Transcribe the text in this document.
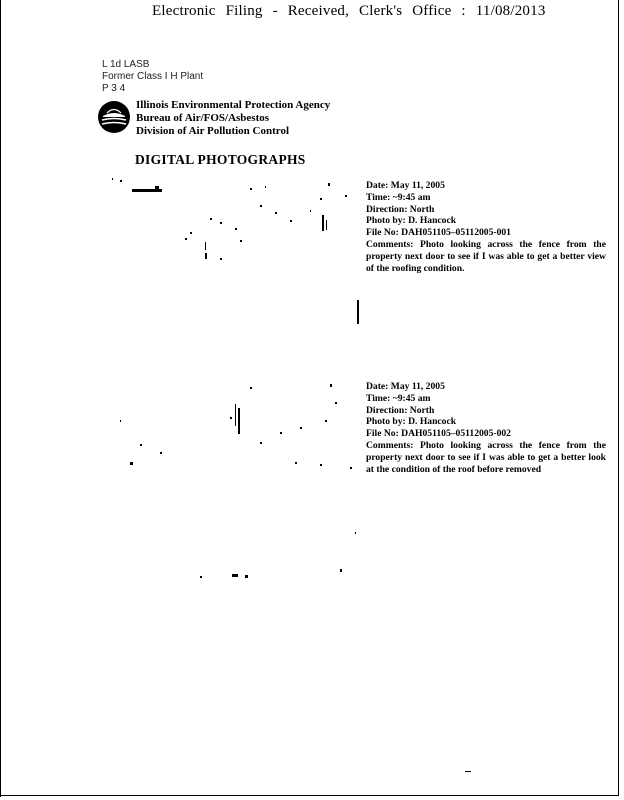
Electronic Filing - Received, Clerk's Office : 11/08/2013
L 1d LASB
Former Class I H Plant
P 3 4
Illinois Environmental Protection Agency
Bureau of Air/FOS/Asbestos
Division of Air Pollution Control
DIGITAL PHOTOGRAPHS
Date: May 11, 2005
Time: ~9:45 am
Direction: North
Photo by: D. Hancock
File No: DAH051105–05112005-001
Comments: Photo looking across the fence from the property next door to see if I was able to get a better view of the roofing condition.
Date: May 11, 2005
Time: ~9:45 am
Direction: North
Photo by: D. Hancock
File No: DAH051105–05112005-002
Comments: Photo looking across the fence from the property next door to see if I was able to get a better look at the condition of the roof before removed
